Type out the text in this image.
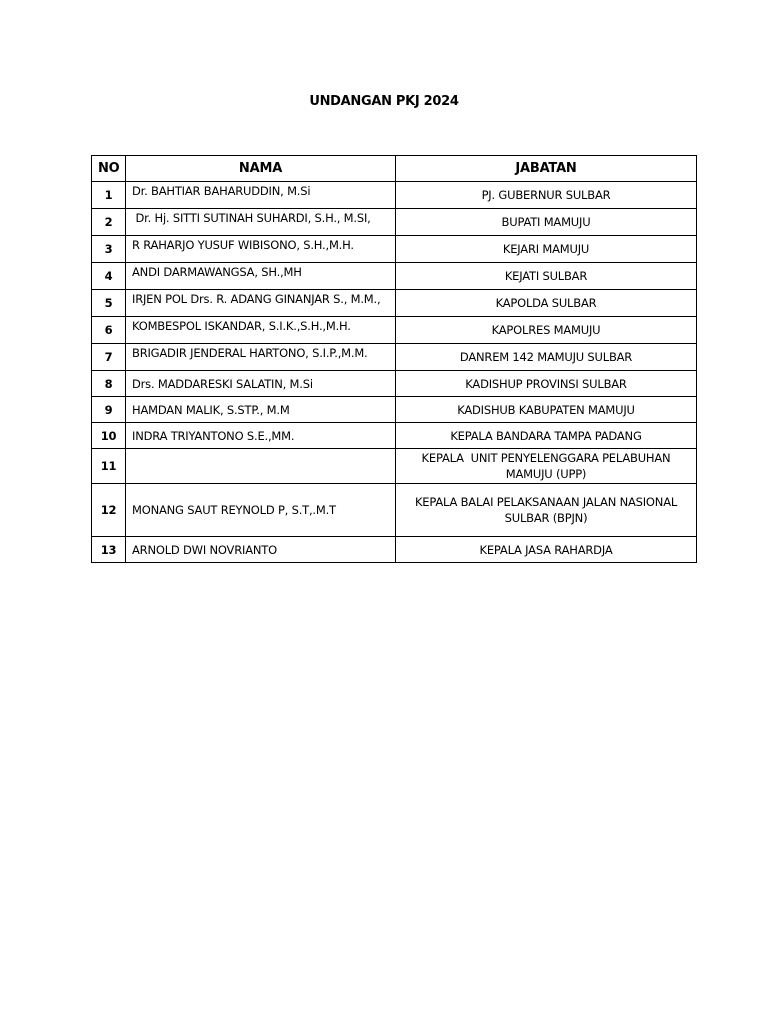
UNDANGAN PKJ 2024
NO	NAMA	JABATAN
1	Dr. BAHTIAR BAHARUDDIN, M.Si	PJ. GUBERNUR SULBAR
2	Dr. Hj. SITTI SUTINAH SUHARDI, S.H., M.SI,	BUPATI MAMUJU
3	R RAHARJO YUSUF WIBISONO, S.H.,M.H.	KEJARI MAMUJU
4	ANDI DARMAWANGSA, SH.,MH	KEJATI SULBAR
5	IRJEN POL Drs. R. ADANG GINANJAR S., M.M.,	KAPOLDA SULBAR
6	KOMBESPOL ISKANDAR, S.I.K.,S.H.,M.H.	KAPOLRES MAMUJU
7	BRIGADIR JENDERAL HARTONO, S.I.P.,M.M.	DANREM 142 MAMUJU SULBAR
8	Drs. MADDARESKI SALATIN, M.Si	KADISHUP PROVINSI SULBAR
9	HAMDAN MALIK, S.STP., M.M	KADISHUB KABUPATEN MAMUJU
10	INDRA TRIYANTONO S.E.,MM.	KEPALA BANDARA TAMPA PADANG
11		KEPALA  UNIT PENYELENGGARA PELABUHAN
MAMUJU (UPP)
12	MONANG SAUT REYNOLD P, S.T,.M.T	KEPALA BALAI PELAKSANAAN JALAN NASIONAL
SULBAR (BPJN)
13	ARNOLD DWI NOVRIANTO	KEPALA JASA RAHARDJA
